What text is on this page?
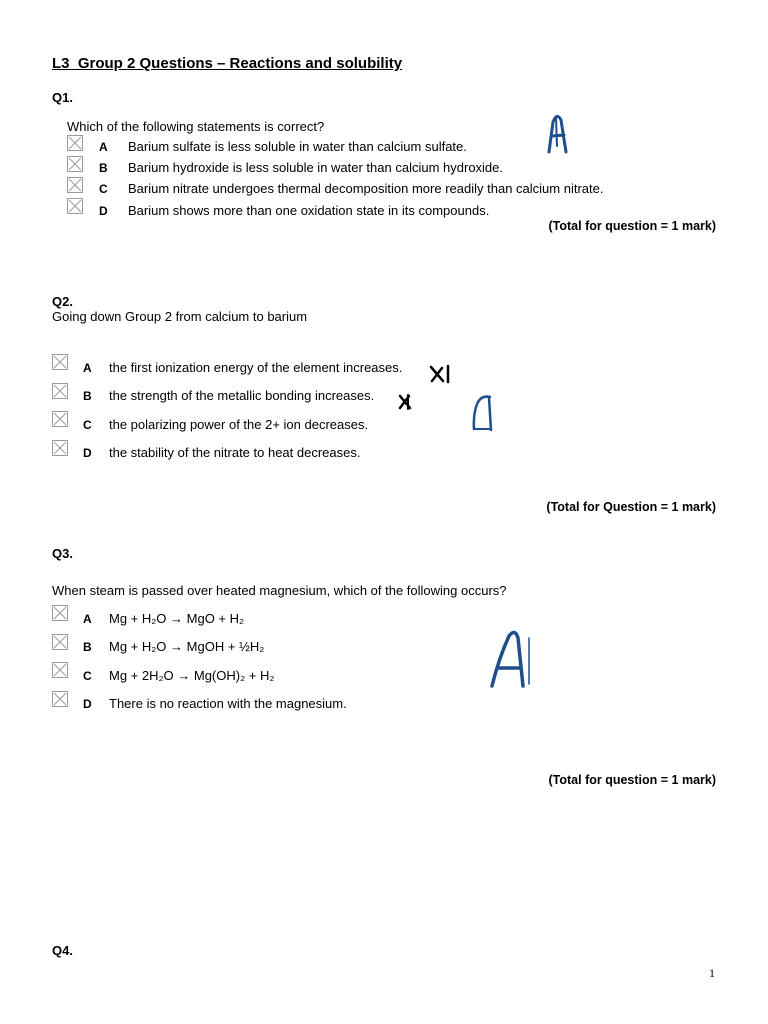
L3_Group 2 Questions – Reactions and solubility
Q1.
Which of the following statements is correct?
A Barium sulfate is less soluble in water than calcium sulfate.
B Barium hydroxide is less soluble in water than calcium hydroxide.
C Barium nitrate undergoes thermal decomposition more readily than calcium nitrate.
D Barium shows more than one oxidation state in its compounds.
(Total for question = 1 mark)
Q2.
Going down Group 2 from calcium to barium
A the first ionization energy of the element increases.
B the strength of the metallic bonding increases.
C the polarizing power of the 2+ ion decreases.
D the stability of the nitrate to heat decreases.
(Total for Question = 1 mark)
Q3.
When steam is passed over heated magnesium, which of the following occurs?
A Mg + H₂O → MgO + H₂
B Mg + H₂O → MgOH + ½H₂
C Mg + 2H₂O → Mg(OH)₂ + H₂
D There is no reaction with the magnesium.
(Total for question = 1 mark)
Q4.
1
